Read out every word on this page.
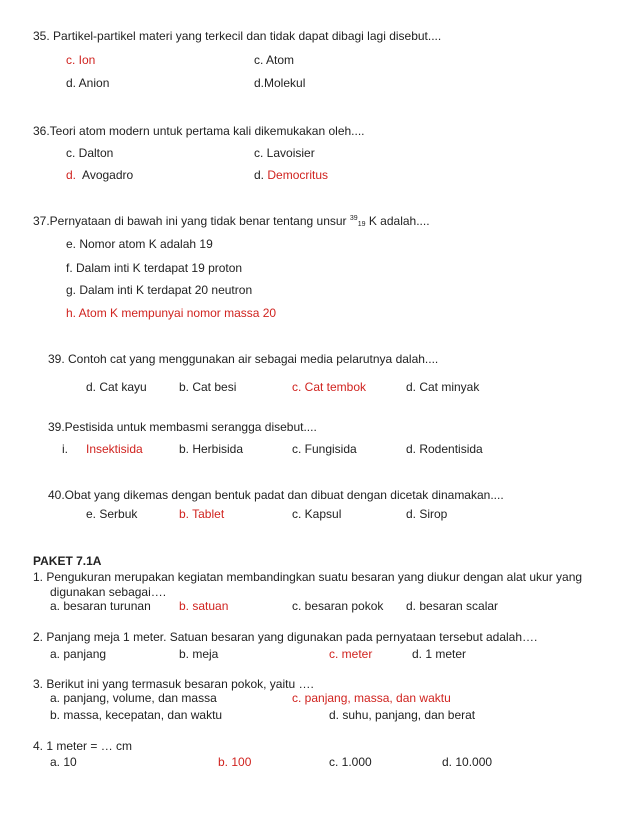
35. Partikel-partikel materi yang terkecil dan tidak dapat dibagi lagi disebut....
c. Ion	c. Atom
d. Anion	d.Molekul
36.Teori atom modern untuk pertama kali dikemukakan oleh....
c. Dalton	c. Lavoisier
d. Avogadro	d. Democritus
37.Pernyataan di bawah ini yang tidak benar tentang unsur $^{39}$19 K adalah....
e. Nomor atom K adalah 19
f. Dalam inti K terdapat 19 proton
g. Dalam inti K terdapat 20 neutron
h. Atom K mempunyai nomor massa 20
39. Contoh cat yang menggunakan air sebagai media pelarutnya dalah....
d. Cat kayu	b. Cat besi	c. Cat tembok	d. Cat minyak
39.Pestisida untuk membasmi serangga disebut....
i. Insektisida	b. Herbisida	c. Fungisida	d. Rodentisida
40.Obat yang dikemas dengan bentuk padat dan dibuat dengan dicetak dinamakan....
e. Serbuk	b. Tablet	c. Kapsul	d. Sirop
PAKET 7.1A
1. Pengukuran merupakan kegiatan membandingkan suatu besaran yang diukur dengan alat ukur yang
digunakan sebagai….
a. besaran turunan b. satuan	c. besaran pokok d. besaran scalar
2. Panjang meja 1 meter. Satuan besaran yang digunakan pada pernyataan tersebut adalah….
a. panjang	b. meja	c. meter	d. 1 meter
3. Berikut ini yang termasuk besaran pokok, yaitu ….
a. panjang, volume, dan massa	c. panjang, massa, dan waktu
b. massa, kecepatan, dan waktu	d. suhu, panjang, dan berat
4. 1 meter = … cm
a. 10	b. 100	c. 1.000	d. 10.000
